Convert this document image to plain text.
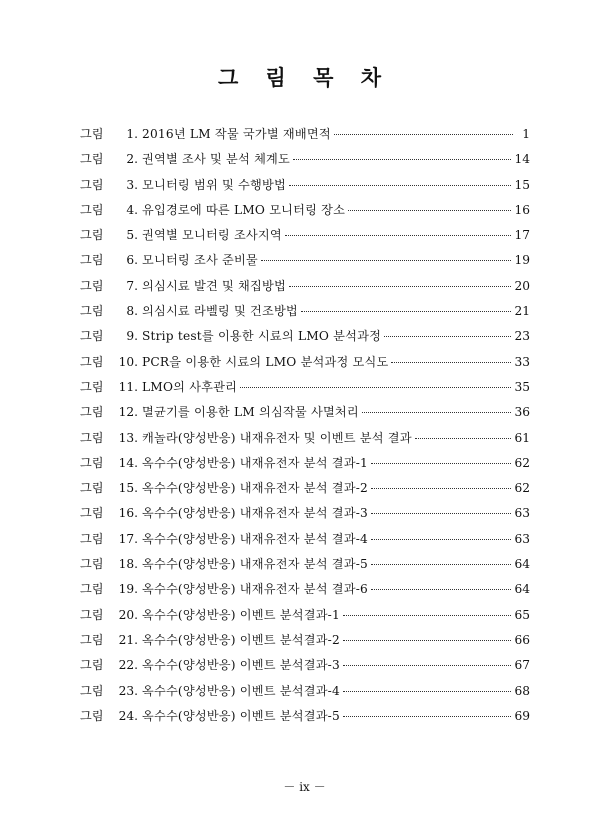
그 림 목 차
그림	1. 2016년 LM 작물 국가별 재배면적	1
그림	2. 권역별 조사 및 분석 체계도	14
그림	3. 모니터링 범위 및 수행방법	15
그림	4. 유입경로에 따른 LMO 모니터링 장소	16
그림	5. 권역별 모니터링 조사지역	17
그림	6. 모니터링 조사 준비물	19
그림	7. 의심시료 발견 및 채집방법	20
그림	8. 의심시료 라벨링 및 건조방법	21
그림	9. Strip test를 이용한 시료의 LMO 분석과정	23
그림	10. PCR을 이용한 시료의 LMO 분석과정 모식도	33
그림	11. LMO의 사후관리	35
그림	12. 멸균기를 이용한 LM 의심작물 사멸처리	36
그림	13. 캐놀라(양성반응) 내재유전자 및 이벤트 분석 결과	61
그림	14. 옥수수(양성반응) 내재유전자 분석 결과-1	62
그림	15. 옥수수(양성반응) 내재유전자 분석 결과-2	62
그림	16. 옥수수(양성반응) 내재유전자 분석 결과-3	63
그림	17. 옥수수(양성반응) 내재유전자 분석 결과-4	63
그림	18. 옥수수(양성반응) 내재유전자 분석 결과-5	64
그림	19. 옥수수(양성반응) 내재유전자 분석 결과-6	64
그림	20. 옥수수(양성반응) 이벤트 분석결과-1	65
그림	21. 옥수수(양성반응) 이벤트 분석결과-2	66
그림	22. 옥수수(양성반응) 이벤트 분석결과-3	67
그림	23. 옥수수(양성반응) 이벤트 분석결과-4	68
그림	24. 옥수수(양성반응) 이벤트 분석결과-5	69
－ ix －
